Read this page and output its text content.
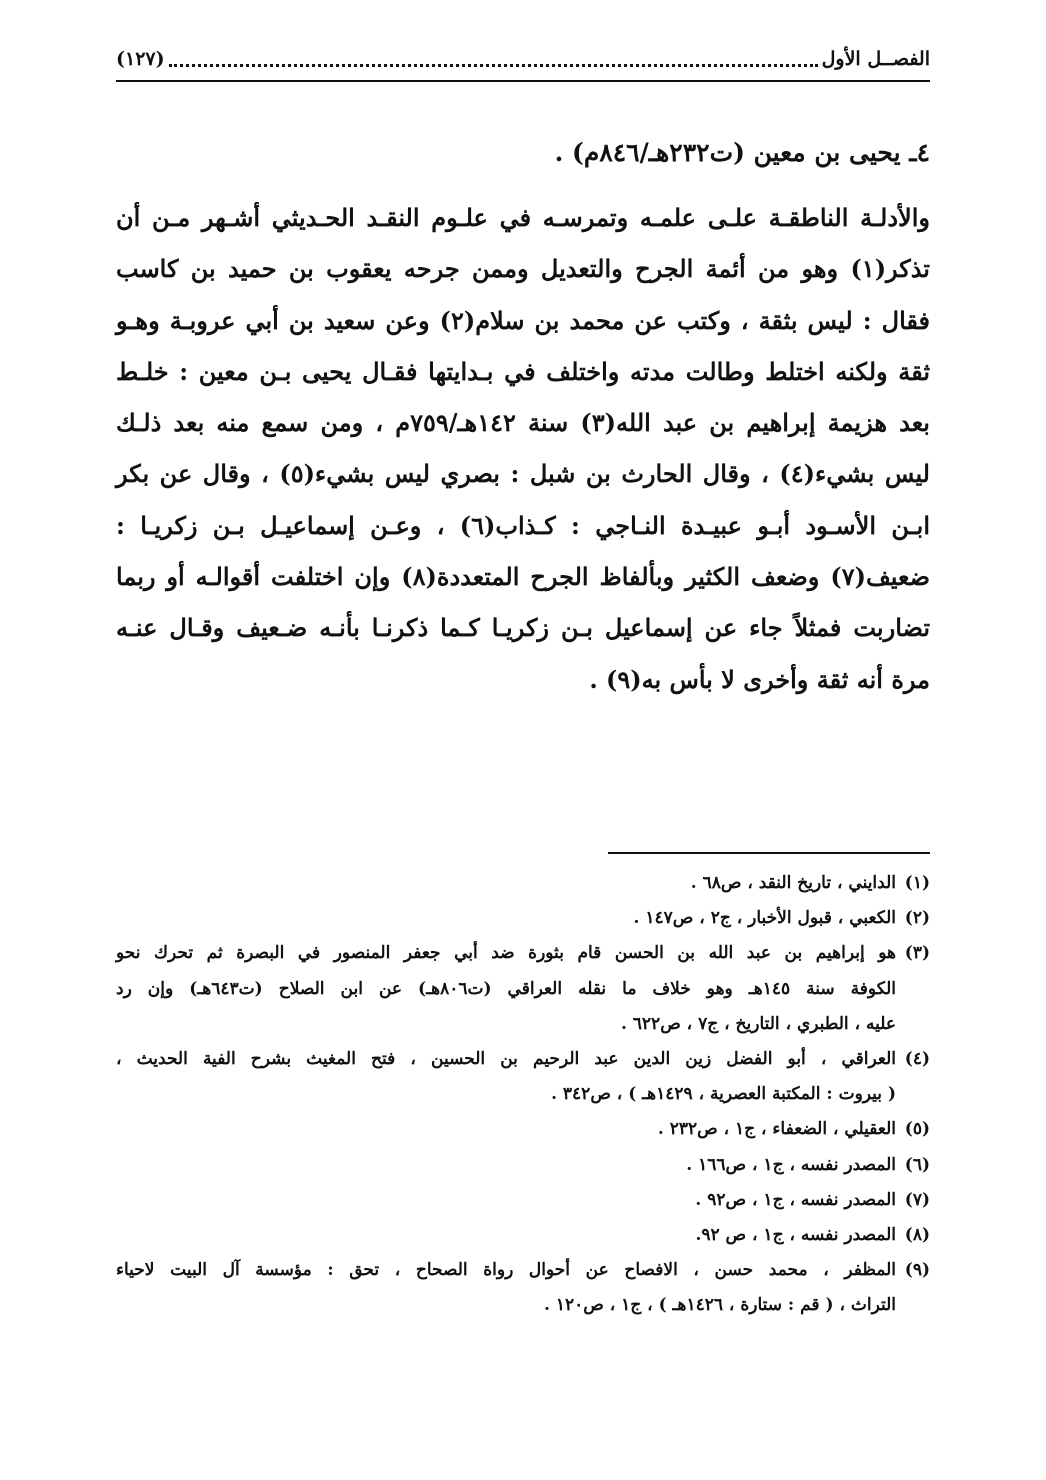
الفصــل الأول
(١٢٧)
٤ـ يحيى بن معين (ت٢٣٢هـ/٨٤٦م) .
والأدلـة الناطقـة علـى علمـه وتمرسـه في علـوم النقـد الحـديثي أشـهر مـن أن
تذكر(١) وهو من أئمة الجرح والتعديل وممن جرحه يعقوب بن حميد بن كاسب
فقال : ليس بثقة ، وكتب عن محمد بن سلام(٢) وعن سعيد بن أبي عروبـة وهـو
ثقة ولكنه اختلط وطالت مدته واختلف في بـدايتها فقـال يحيى بـن معين : خلـط
بعد هزيمة إبراهيم بن عبد الله(٣) سنة ١٤٢هـ/٧٥٩م ، ومن سمع منه بعد ذلـك
ليس بشيء(٤) ، وقال الحارث بن شبل : بصري ليس بشيء(٥) ، وقال عن بكر
ابـن الأسـود أبـو عبيـدة النـاجي : كـذاب(٦) ، وعـن إسماعيـل بـن زكريـا :
ضعيف(٧) وضعف الكثير وبألفاظ الجرح المتعددة(٨) وإن اختلفت أقوالـه أو ربما
تضاربت فمثلاً جاء عن إسماعيل بـن زكريـا كـما ذكرنـا بأنـه ضـعيف وقـال عنـه
مرة أنه ثقة وأخرى لا بأس به(٩) .
(١)
الدايني ، تاريخ النقد ، ص٦٨ .
(٢)
الكعبي ، قبول الأخبار ، ج٢ ، ص١٤٧ .
(٣)
هو إبراهيم بن عبد الله بن الحسن قام بثورة ضد أبي جعفر المنصور في البصرة ثم تحرك نحو
الكوفة سنة ١٤٥هـ وهو خلاف ما نقله العراقي (ت٨٠٦هـ) عن ابن الصلاح (ت٦٤٣هـ) وإن رد
عليه ، الطبري ، التاريخ ، ج٧ ، ص٦٢٢ .
(٤)
العراقي ، أبو الفضل زين الدين عبد الرحيم بن الحسين ، فتح المغيث بشرح الفية الحديث ،
( بيروت : المكتبة العصرية ، ١٤٢٩هـ ) ، ص٣٤٢ .
(٥)
العقيلي ، الضعفاء ، ج١ ، ص٢٣٢ .
(٦)
المصدر نفسه ، ج١ ، ص١٦٦ .
(٧)
المصدر نفسه ، ج١ ، ص٩٢ .
(٨)
المصدر نفسه ، ج١ ، ص ٩٢.
(٩)
المظفر ، محمد حسن ، الافصاح عن أحوال رواة الصحاح ، تحق : مؤسسة آل البيت لاحياء
التراث ، ( قم : ستارة ، ١٤٢٦هـ ) ، ج١ ، ص١٢٠ .
